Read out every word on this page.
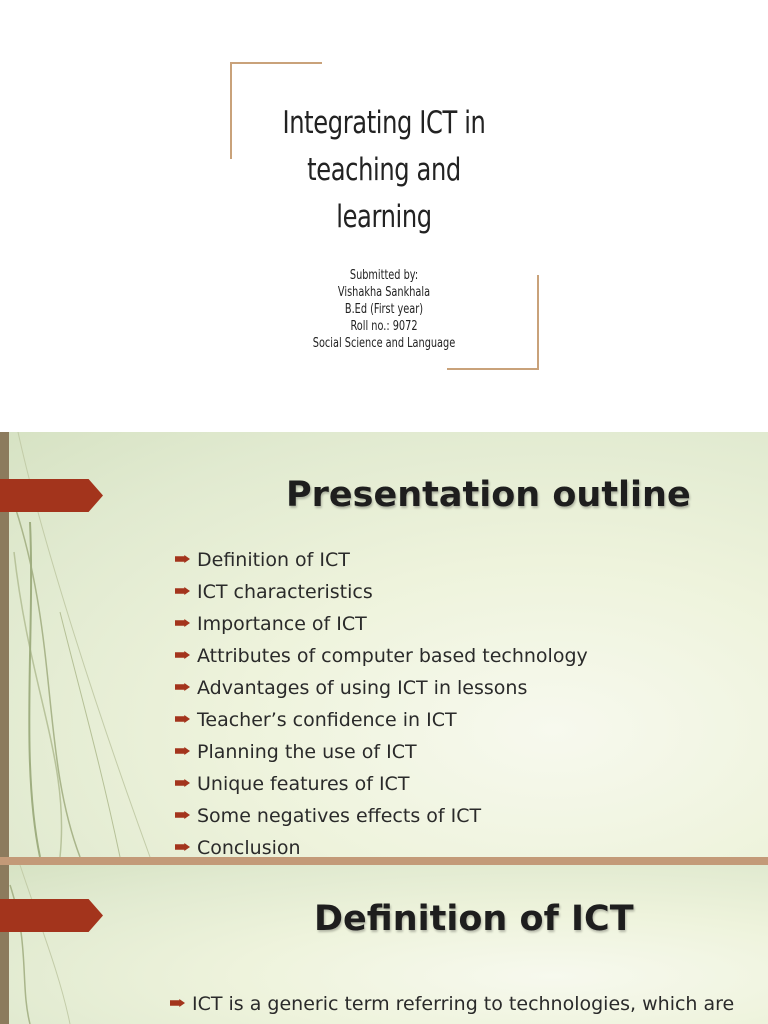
Integrating ICT in
teaching and
learning
Submitted by:
Vishakha Sankhala
B.Ed (First year)
Roll no.: 9072
Social Science and Language
Presentation outline
Definition of ICT
ICT characteristics
Importance of ICT
Attributes of computer based technology
Advantages of using ICT in lessons
Teacher’s confidence in ICT
Planning the use of ICT
Unique features of ICT
Some negatives effects of ICT
Conclusion
Definition of ICT
ICT is a generic term referring to technologies, which are
